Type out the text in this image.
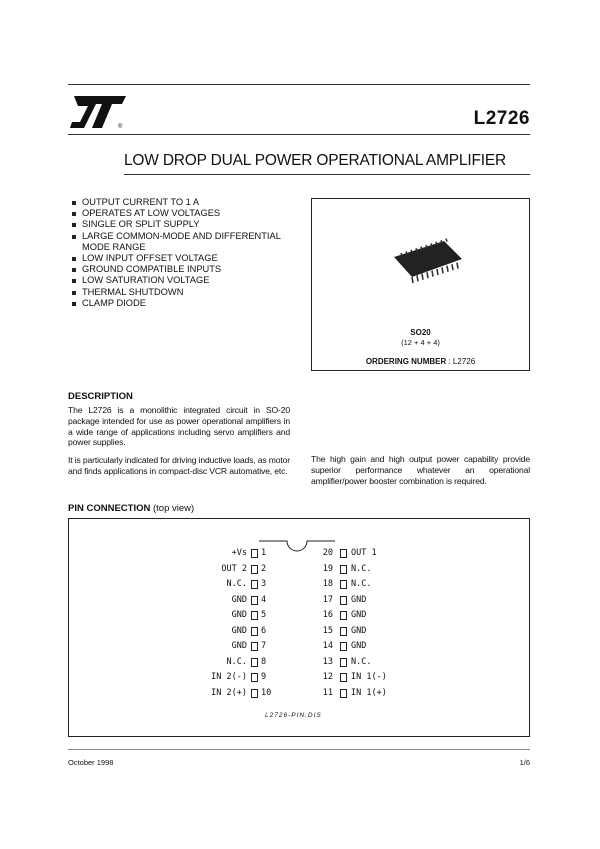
®	L2726
LOW DROP DUAL POWER OPERATIONAL AMPLIFIER
OUTPUT CURRENT TO 1 A
OPERATES AT LOW VOLTAGES
SINGLE OR SPLIT SUPPLY
LARGE COMMON-MODE AND DIFFERENTIAL MODE RANGE
LOW INPUT OFFSET VOLTAGE
GROUND COMPATIBLE INPUTS
LOW SATURATION VOLTAGE
THERMAL SHUTDOWN
CLAMP DIODE
SO20
(12 + 4 + 4)
ORDERING NUMBER : L2726
DESCRIPTION
The L2726 is a monolithic integrated circuit in SO-20 package intended for use as power operational amplifiers in a wide range of applications including servo amplifiers and power supplies.
It is particularly indicated for driving inductive loads, as motor and finds applications in compact-disc VCR automative, etc.
The high gain and high output power capability provide superior performance whatever an operational amplifier/power booster combination is required.
PIN CONNECTION (top view)
+Vs 1
OUT 2 2
N.C. 3
GND 4
GND 5
GND 6
GND 7
N.C. 8
IN 2(-) 9
IN 2(+) 10
20 OUT 1
19 N.C.
18 N.C.
17 GND
16 GND
15 GND
14 GND
13 N.C.
12 IN 1(-)
11 IN 1(+)
L2726-PIN.DIS
October 1998	1/6
